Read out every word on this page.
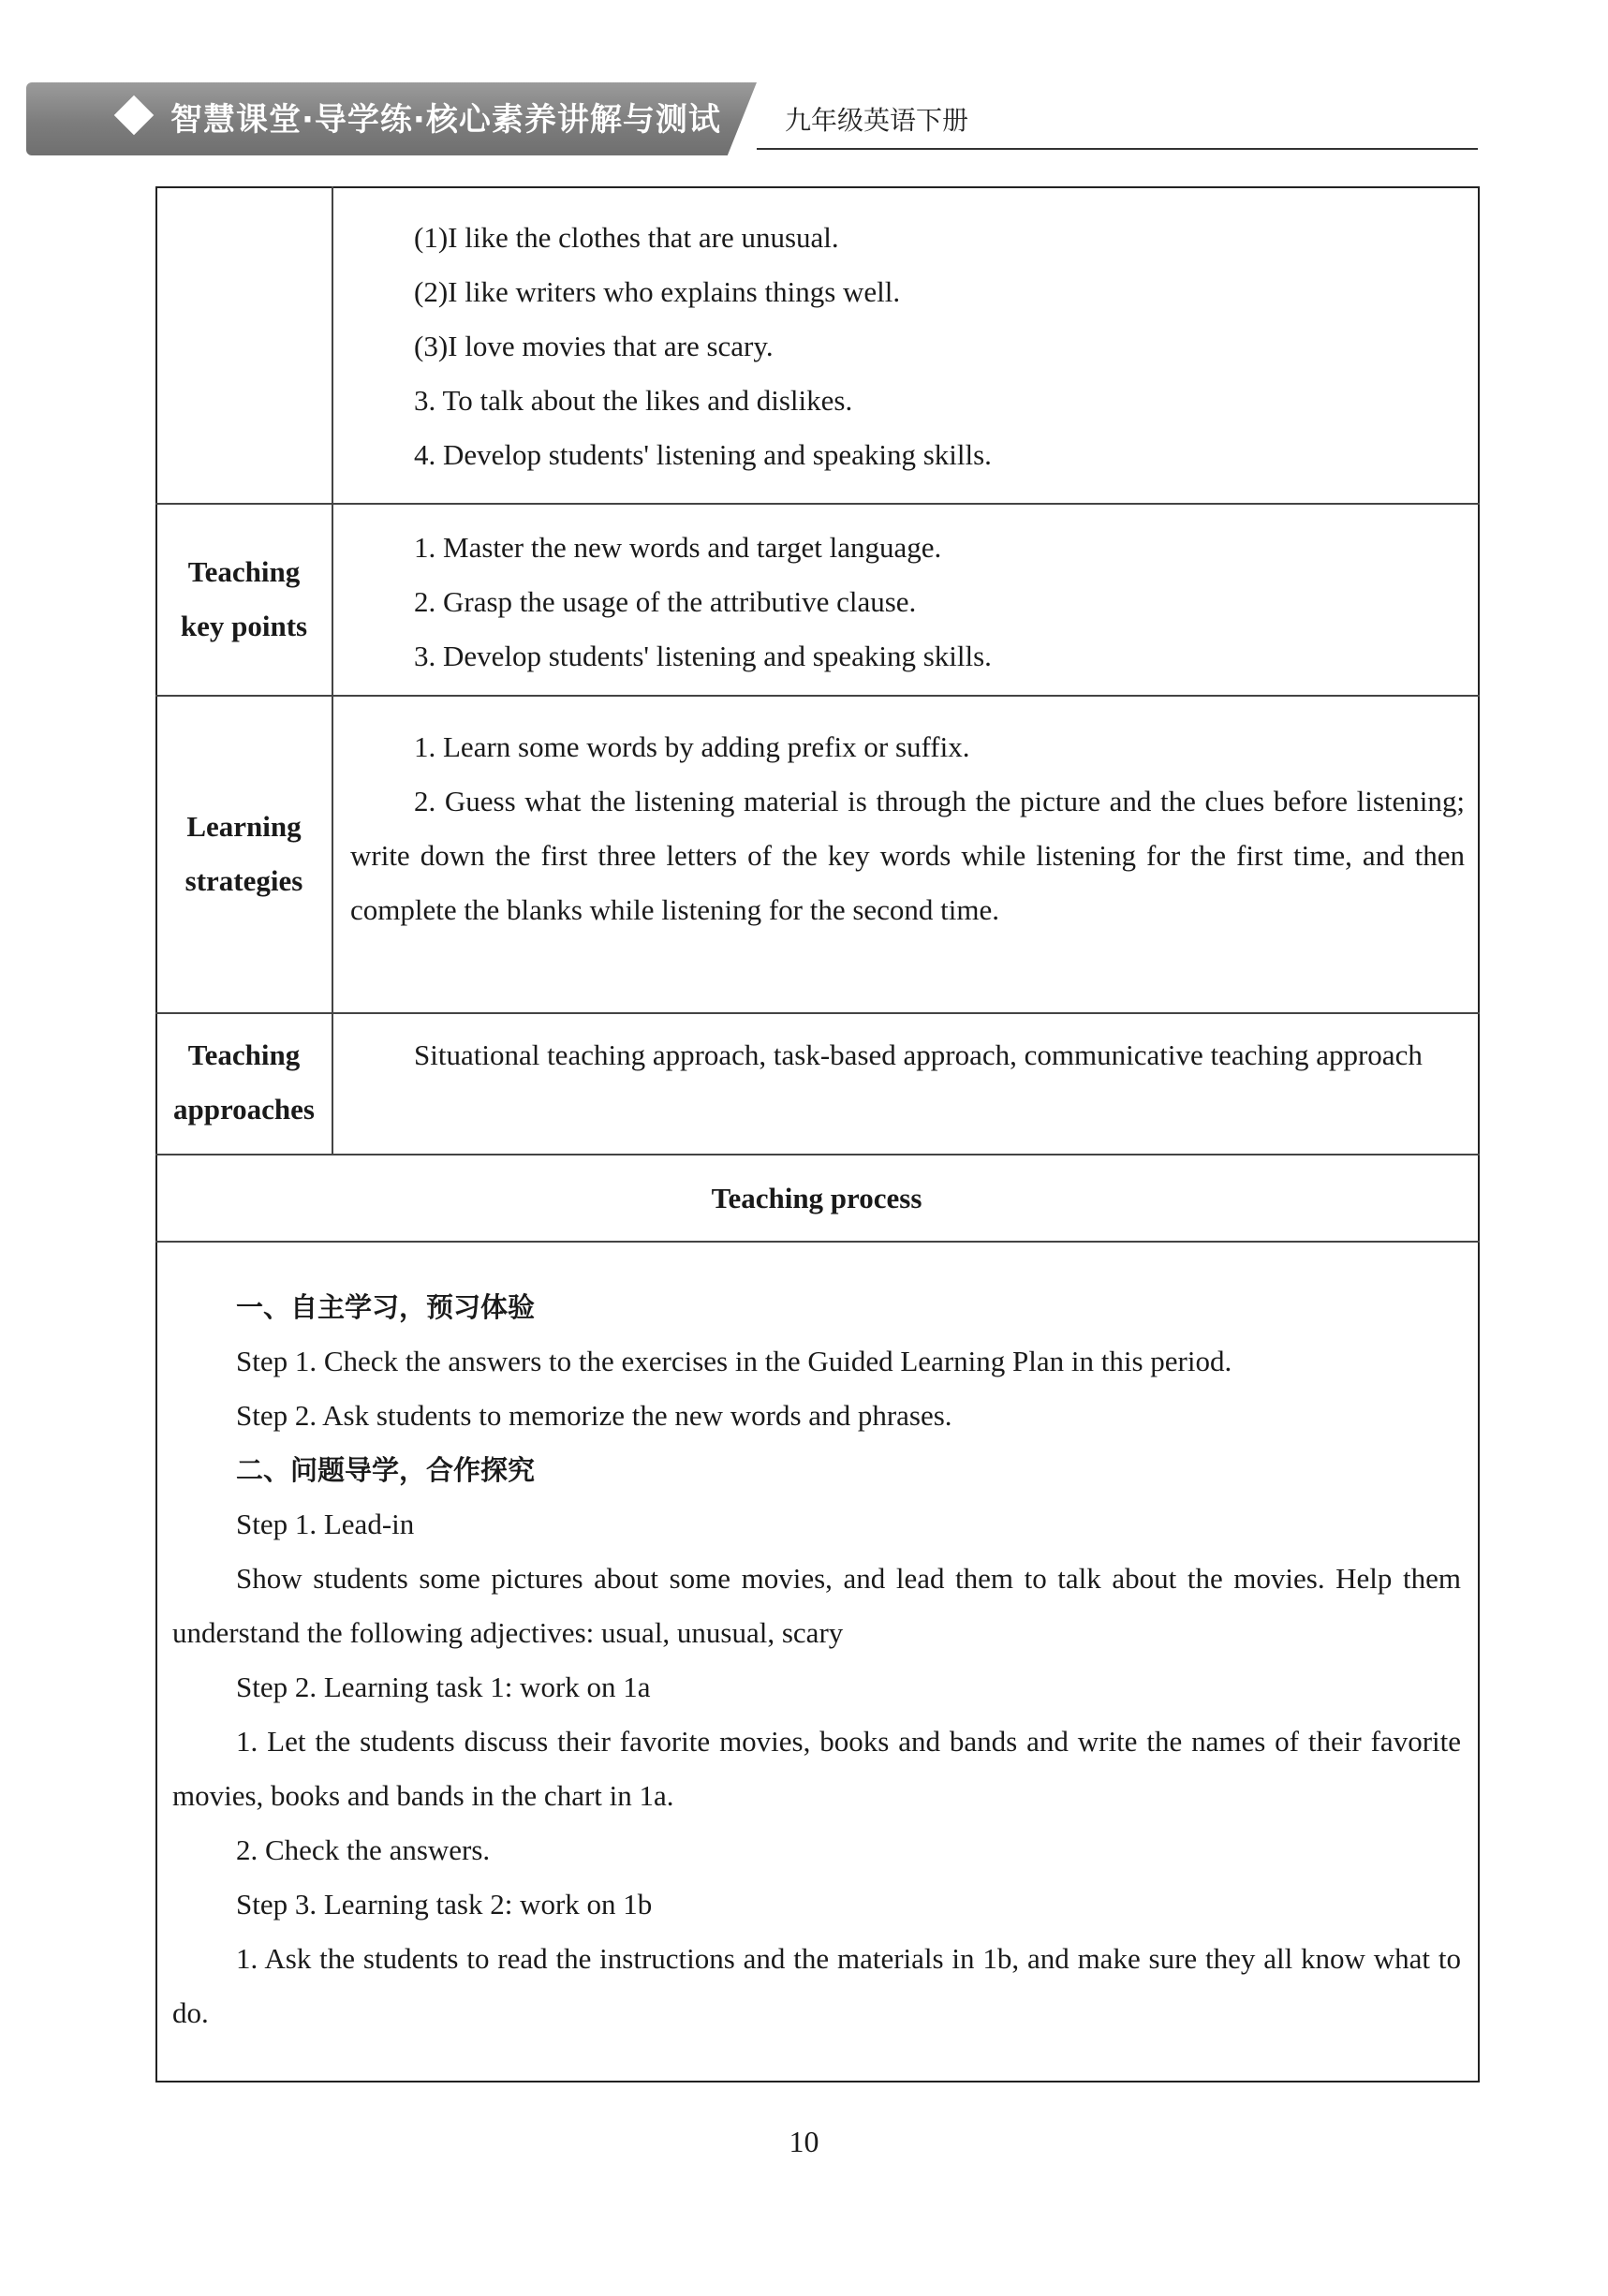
智慧课堂·导学练·核心素养讲解与测试 九年级英语下册

(1)I like the clothes that are unusual.

(2)I like writers who explains things well.

(3)I love movies that are scary.

3. To talk about the likes and dislikes.

4. Develop students' listening and speaking skills.

Teaching
key points

1. Master the new words and target language.

2. Grasp the usage of the attributive clause.

3. Develop students' listening and speaking skills.

Learning
strategies

1. Learn some words by adding prefix or suffix.

2. Guess what the listening material is through the picture and the clues before listening; write down the first three letters of the key words while listening for the first time, and then complete the blanks while listening for the second time.

Teaching
approaches

Situational teaching approach, task-based approach, communicative teaching approach

Teaching process

一、自主学习，预习体验

Step 1. Check the answers to the exercises in the Guided Learning Plan in this period.

Step 2. Ask students to memorize the new words and phrases.

二、问题导学，合作探究

Step 1. Lead-in

Show students some pictures about some movies, and lead them to talk about the movies. Help them understand the following adjectives: usual, unusual, scary

Step 2. Learning task 1: work on 1a

1. Let the students discuss their favorite movies, books and bands and write the names of their favorite movies, books and bands in the chart in 1a.

2. Check the answers.

Step 3. Learning task 2: work on 1b

1. Ask the students to read the instructions and the materials in 1b, and make sure they all know what to do.

10
